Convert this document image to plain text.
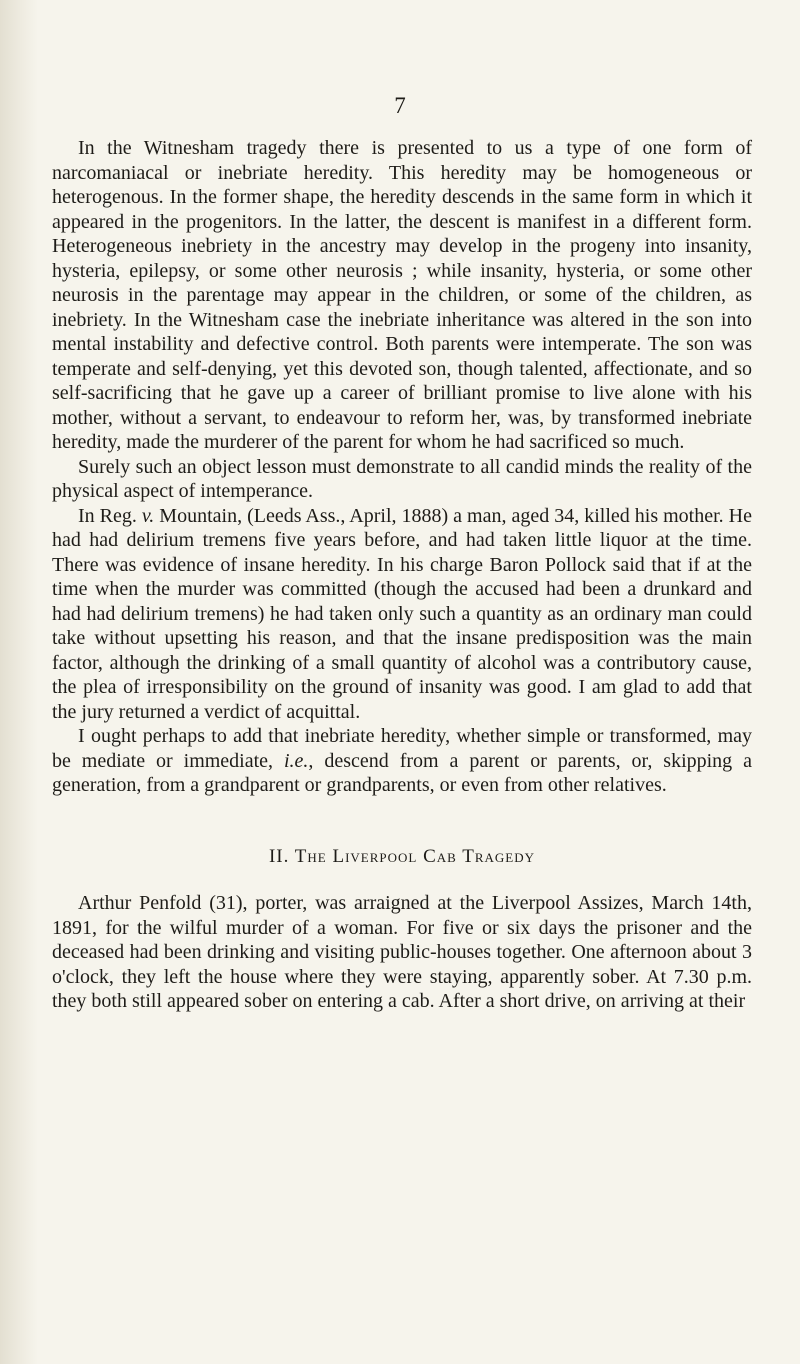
7

In the Witnesham tragedy there is presented to us a type of one form of narcomaniacal or inebriate heredity. This heredity may be homogeneous or heterogenous. In the former shape, the heredity descends in the same form in which it appeared in the progenitors. In the latter, the descent is manifest in a different form. Heterogeneous inebriety in the ancestry may develop in the progeny into insanity, hysteria, epilepsy, or some other neurosis ; while insanity, hysteria, or some other neurosis in the parentage may appear in the children, or some of the children, as inebriety. In the Witnesham case the inebriate inheritance was altered in the son into mental instability and defective control. Both parents were intemperate. The son was temperate and self-denying, yet this devoted son, though talented, affectionate, and so self-sacrificing that he gave up a career of brilliant promise to live alone with his mother, without a servant, to endeavour to reform her, was, by transformed inebriate heredity, made the murderer of the parent for whom he had sacrificed so much.

Surely such an object lesson must demonstrate to all candid minds the reality of the physical aspect of intemperance.

In Reg. v. Mountain, (Leeds Ass., April, 1888) a man, aged 34, killed his mother. He had had delirium tremens five years before, and had taken little liquor at the time. There was evidence of insane heredity. In his charge Baron Pollock said that if at the time when the murder was committed (though the accused had been a drunkard and had had delirium tremens) he had taken only such a quantity as an ordinary man could take without upsetting his reason, and that the insane predisposition was the main factor, although the drinking of a small quantity of alcohol was a contributory cause, the plea of irresponsibility on the ground of insanity was good. I am glad to add that the jury returned a verdict of acquittal.

I ought perhaps to add that inebriate heredity, whether simple or transformed, may be mediate or immediate, i.e., descend from a parent or parents, or, skipping a generation, from a grandparent or grandparents, or even from other relatives.

II. The Liverpool Cab Tragedy

Arthur Penfold (31), porter, was arraigned at the Liverpool Assizes, March 14th, 1891, for the wilful murder of a woman. For five or six days the prisoner and the deceased had been drinking and visiting public-houses together. One afternoon about 3 o'clock, they left the house where they were staying, apparently sober. At 7.30 p.m. they both still appeared sober on entering a cab. After a short drive, on arriving at their
